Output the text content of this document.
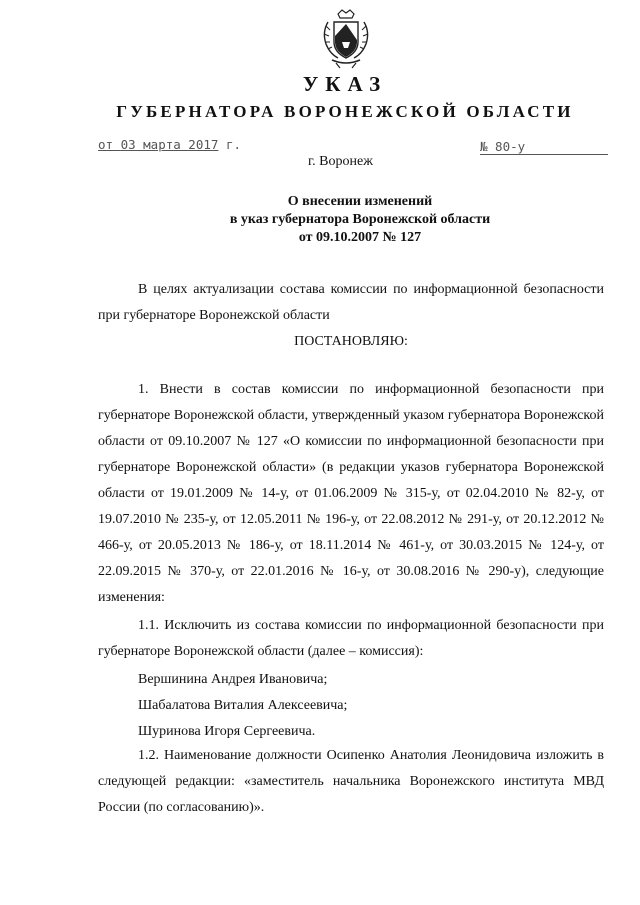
УКАЗ
ГУБЕРНАТОРА ВОРОНЕЖСКОЙ ОБЛАСТИ
от 03 марта 2017 г.	№ 80-у
г. Воронеж
О внесении изменений
в указ губернатора Воронежской области
от 09.10.2007 № 127

В целях актуализации состава комиссии по информационной безопасности при губернаторе Воронежской области

ПОСТАНОВЛЯЮ:

1. Внести в состав комиссии по информационной безопасности при губернаторе Воронежской области, утвержденный указом губернатора Воронежской области от 09.10.2007 № 127 «О комиссии по информационной безопасности при губернаторе Воронежской области» (в редакции указов губернатора Воронежской области от 19.01.2009 № 14-у, от 01.06.2009 № 315-у, от 02.04.2010 № 82-у, от 19.07.2010 № 235-у, от 12.05.2011 № 196-у, от 22.08.2012 № 291-у, от 20.12.2012 № 466-у, от 20.05.2013 № 186-у, от 18.11.2014 № 461-у, от 30.03.2015 № 124-у, от 22.09.2015 № 370-у, от 22.01.2016 № 16-у, от 30.08.2016 № 290-у), следующие изменения:

1.1. Исключить из состава комиссии по информационной безопасности при губернаторе Воронежской области (далее – комиссия):

Вершинина Андрея Ивановича;
Шабалатова Виталия Алексеевича;
Шуринова Игоря Сергеевича.

1.2. Наименование должности Осипенко Анатолия Леонидовича изложить в следующей редакции: «заместитель начальника Воронежского института МВД России (по согласованию)».
